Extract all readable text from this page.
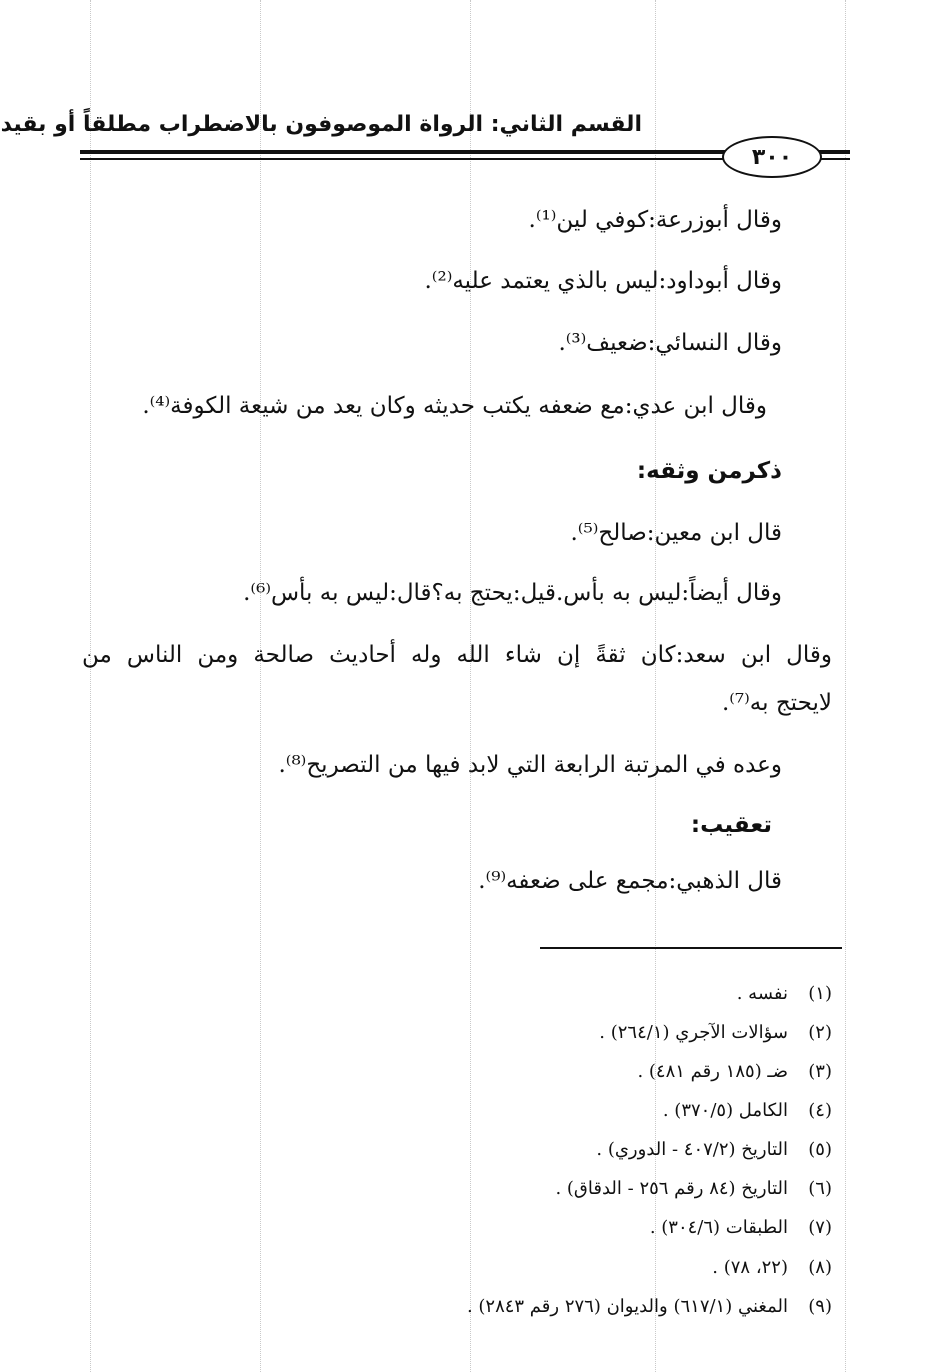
القسم الثاني: الرواة الموصوفون بالاضطراب مطلقاً أو بقيد
٣٠٠
وقال أبوزرعة:كوفي لين⁽¹⁾.
وقال أبوداود:ليس بالذي يعتمد عليه⁽²⁾.
وقال النسائي:ضعيف⁽³⁾.
وقال ابن عدي:مع ضعفه يكتب حديثه وكان يعد من شيعة الكوفة⁽⁴⁾.
ذكرمن وثقه:
قال ابن معين:صالح⁽⁵⁾.
وقال أيضاً:ليس به بأس.قيل:يحتج به؟قال:ليس به بأس⁽⁶⁾.
وقال ابن سعد:كان ثقةً إن شاء الله وله أحاديث صالحة ومن الناس من
لايحتج به⁽⁷⁾.
وعده في المرتبة الرابعة التي لابد فيها من التصريح⁽⁸⁾.
تعقيب:
قال الذهبي:مجمع على ضعفه⁽⁹⁾.
(١)
نفسه .
(٢)
سؤالات الآجري (٢٦٤/١) .
(٣)
ضـ (١٨٥ رقم ٤٨١) .
(٤)
الكامل (٣٧٠/٥) .
(٥)
التاريخ (٤٠٧/٢ - الدوري) .
(٦)
التاريخ (٨٤ رقم ٢٥٦ - الدقاق) .
(٧)
الطبقات (٣٠٤/٦) .
(٨)
(٢٢، ٧٨) .
(٩)
المغني (٦١٧/١) والديوان (٢٧٦ رقم ٢٨٤٣) .
